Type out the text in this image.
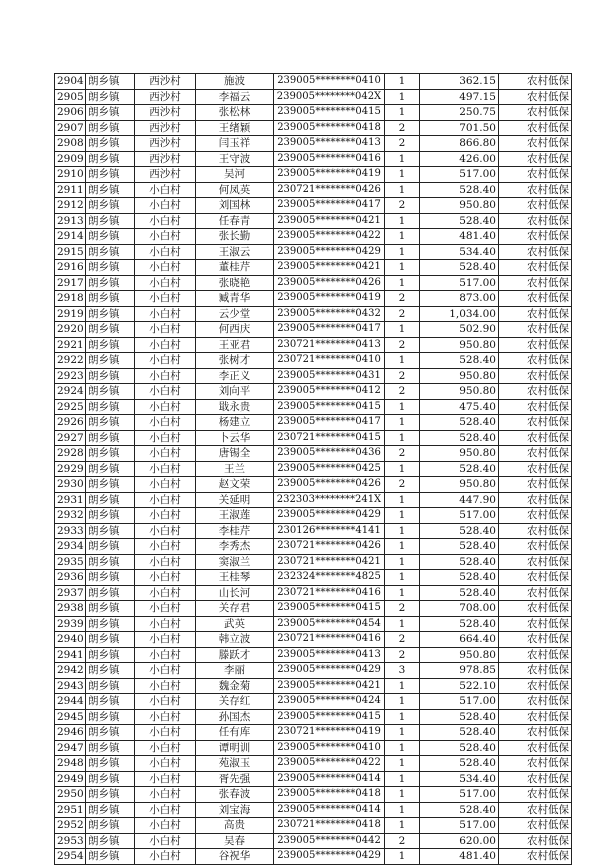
2904	朗乡镇	西沙村	施波	239005********0410	1	362.15	农村低保
2905	朗乡镇	西沙村	李福云	239005********042X	1	497.15	农村低保
2906	朗乡镇	西沙村	张松林	239005********0415	1	250.75	农村低保
2907	朗乡镇	西沙村	王绪颖	239005********0418	2	701.50	农村低保
2908	朗乡镇	西沙村	闫玉祥	239005********0413	2	866.80	农村低保
2909	朗乡镇	西沙村	王守波	239005********0416	1	426.00	农村低保
2910	朗乡镇	西沙村	吴河	239005********0419	1	517.00	农村低保
2911	朗乡镇	小白村	何凤英	230721********0426	1	528.40	农村低保
2912	朗乡镇	小白村	刘国林	239005********0417	2	950.80	农村低保
2913	朗乡镇	小白村	任春青	239005********0421	1	528.40	农村低保
2914	朗乡镇	小白村	张长勤	239005********0422	1	481.40	农村低保
2915	朗乡镇	小白村	王淑云	239005********0429	1	534.40	农村低保
2916	朗乡镇	小白村	董桂芹	239005********0421	1	528.40	农村低保
2917	朗乡镇	小白村	张晓艳	239005********0426	1	517.00	农村低保
2918	朗乡镇	小白村	臧青华	239005********0419	2	873.00	农村低保
2919	朗乡镇	小白村	云少堂	239005********0432	2	1,034.00	农村低保
2920	朗乡镇	小白村	何西庆	239005********0417	1	502.90	农村低保
2921	朗乡镇	小白村	王亚君	230721********0413	2	950.80	农村低保
2922	朗乡镇	小白村	张树才	230721********0410	1	528.40	农村低保
2923	朗乡镇	小白村	李正义	239005********0431	2	950.80	农村低保
2924	朗乡镇	小白村	刘向平	239005********0412	2	950.80	农村低保
2925	朗乡镇	小白村	戢永贵	239005********0415	1	475.40	农村低保
2926	朗乡镇	小白村	杨建立	239005********0417	1	528.40	农村低保
2927	朗乡镇	小白村	卜云华	230721********0415	1	528.40	农村低保
2928	朗乡镇	小白村	唐锡全	239005********0436	2	950.80	农村低保
2929	朗乡镇	小白村	王兰	239005********0425	1	528.40	农村低保
2930	朗乡镇	小白村	赵文荣	239005********0426	2	950.80	农村低保
2931	朗乡镇	小白村	关延明	232303********241X	1	447.90	农村低保
2932	朗乡镇	小白村	王淑莲	239005********0429	1	517.00	农村低保
2933	朗乡镇	小白村	李桂芹	230126********4141	1	528.40	农村低保
2934	朗乡镇	小白村	李秀杰	230721********0426	1	528.40	农村低保
2935	朗乡镇	小白村	窦淑兰	230721********0421	1	528.40	农村低保
2936	朗乡镇	小白村	王桂琴	232324********4825	1	528.40	农村低保
2937	朗乡镇	小白村	山长河	230721********0416	1	528.40	农村低保
2938	朗乡镇	小白村	关存君	239005********0415	2	708.00	农村低保
2939	朗乡镇	小白村	武英	239005********0454	1	528.40	农村低保
2940	朗乡镇	小白村	韩立波	230721********0416	2	664.40	农村低保
2941	朗乡镇	小白村	滕跃才	239005********0413	2	950.80	农村低保
2942	朗乡镇	小白村	李丽	239005********0429	3	978.85	农村低保
2943	朗乡镇	小白村	魏金菊	239005********0421	1	522.10	农村低保
2944	朗乡镇	小白村	关存红	239005********0424	1	517.00	农村低保
2945	朗乡镇	小白村	孙国杰	239005********0415	1	528.40	农村低保
2946	朗乡镇	小白村	任有库	230721********0419	1	528.40	农村低保
2947	朗乡镇	小白村	谭明训	239005********0410	1	528.40	农村低保
2948	朗乡镇	小白村	苑淑玉	239005********0422	1	528.40	农村低保
2949	朗乡镇	小白村	胥先强	239005********0414	1	534.40	农村低保
2950	朗乡镇	小白村	张春波	239005********0418	1	517.00	农村低保
2951	朗乡镇	小白村	刘宝海	239005********0414	1	528.40	农村低保
2952	朗乡镇	小白村	高贵	230721********0418	1	517.00	农村低保
2953	朗乡镇	小白村	吴春	239005********0442	2	620.00	农村低保
2954	朗乡镇	小白村	谷祝华	239005********0429	1	481.40	农村低保
